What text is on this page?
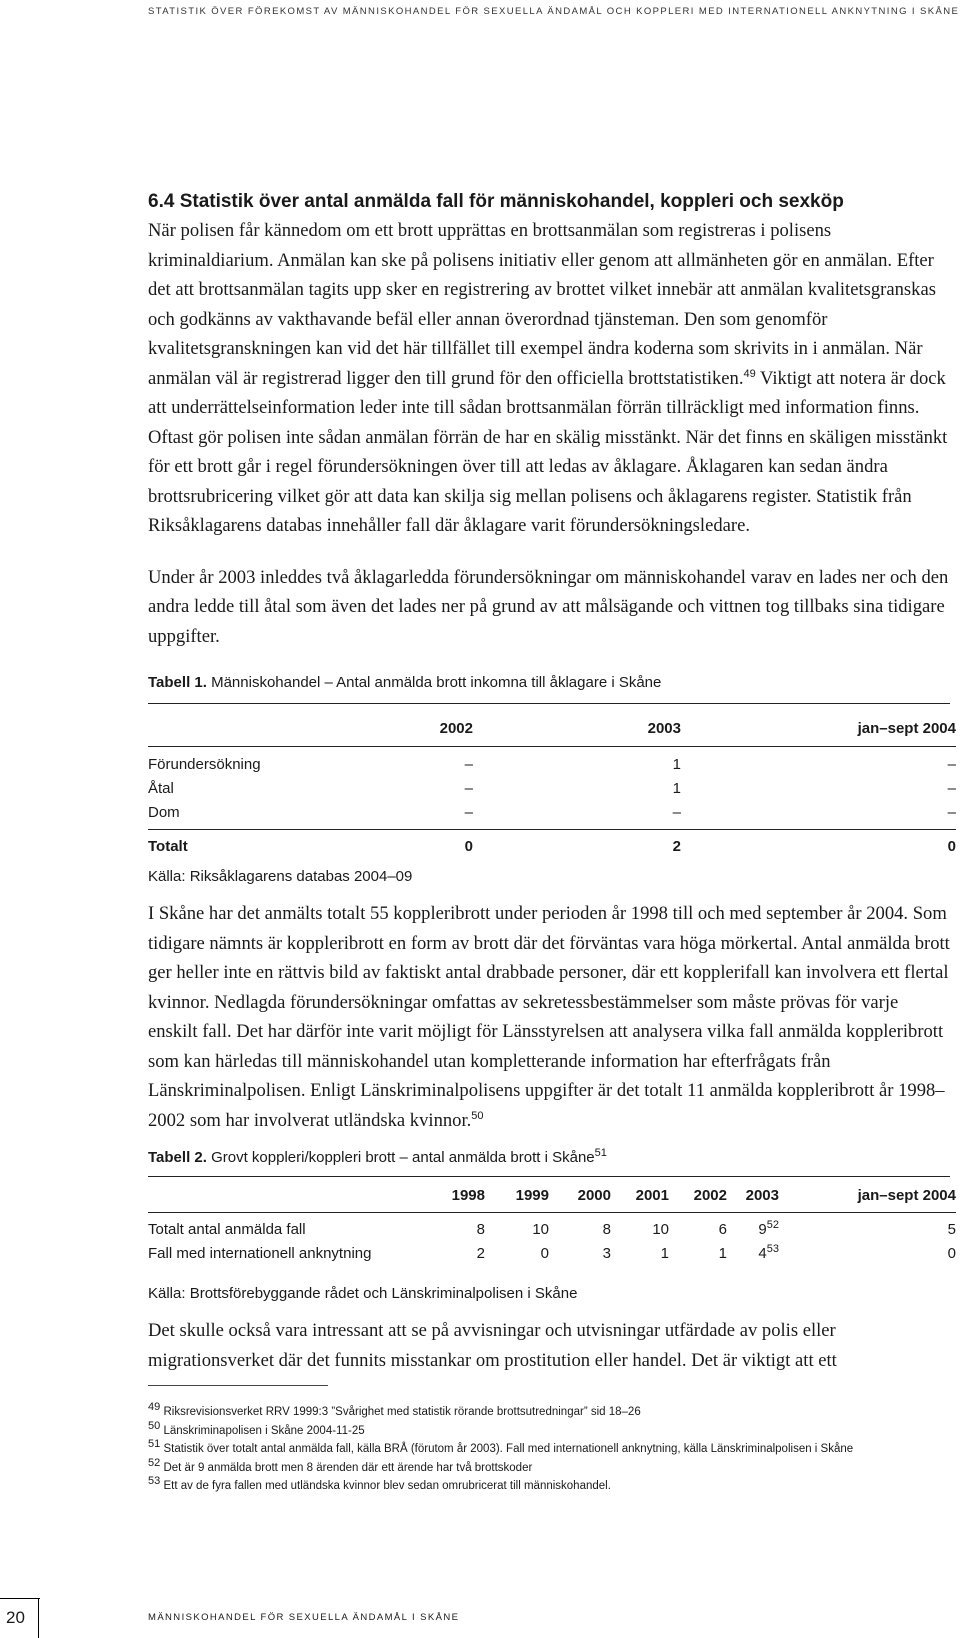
STATISTIK ÖVER FÖREKOMST AV MÄNNISKOHANDEL FÖR SEXUELLA ÄNDAMÅL OCH KOPPLERI MED INTERNATIONELL ANKNYTNING I SKÅNE
6.4 Statistik över antal anmälda fall för människohandel, koppleri och sexköp

När polisen får kännedom om ett brott upprättas en brottsanmälan som registreras i polisens kriminaldiarium. Anmälan kan ske på polisens initiativ eller genom att allmänheten gör en anmälan. Efter det att brottsanmälan tagits upp sker en registrering av brottet vilket innebär att anmälan kvalitetsgranskas och godkänns av vakthavande befäl eller annan överordnad tjänsteman. Den som genomför kvalitetsgranskningen kan vid det här tillfället till exempel ändra koderna som skrivits in i anmälan. När anmälan väl är registrerad ligger den till grund för den officiella brottstatistiken.$^{49}$ Viktigt att notera är dock att underrättelseinformation leder inte till sådan brottsanmälan förrän tillräckligt med information finns. Oftast gör polisen inte sådan anmälan förrän de har en skälig misstänkt. När det finns en skäligen misstänkt för ett brott går i regel förundersökningen över till att ledas av åklagare. Åklagaren kan sedan ändra brottsrubricering vilket gör att data kan skilja sig mellan polisens och åklagarens register. Statistik från Riksåklagarens databas innehåller fall där åklagare varit förundersökningsledare.

Under år 2003 inleddes två åklagarledda förundersökningar om människohandel varav en lades ner och den andra ledde till åtal som även det lades ner på grund av att målsägande och vittnen tog tillbaks sina tidigare uppgifter.

Tabell 1. Människohandel – Antal anmälda brott inkomna till åklagare i Skåne
	2002	2003	jan–sept 2004

Förundersökning	–	1	–
Åtal	–	1	–
Dom	–	–	–

Totalt	0	2	0
Källa: Riksåklagarens databas 2004–09

I Skåne har det anmälts totalt 55 koppleribrott under perioden år 1998 till och med september år 2004. Som tidigare nämnts är koppleribrott en form av brott där det förväntas vara höga mörkertal. Antal anmälda brott ger heller inte en rättvis bild av faktiskt antal drabbade personer, där ett kopplerifall kan involvera ett flertal kvinnor. Nedlagda förundersökningar omfattas av sekretessbestämmelser som måste prövas för varje enskilt fall. Det har därför inte varit möjligt för Länsstyrelsen att analysera vilka fall anmälda koppleribrott som kan härledas till människohandel utan kompletterande information har efterfrågats från Länskriminalpolisen. Enligt Länskriminalpolisens uppgifter är det totalt 11 anmälda koppleribrott år 1998–2002 som har involverat utländska kvinnor.$^{50}$

Tabell 2. Grovt koppleri/koppleri brott – antal anmälda brott i Skåne$^{51}$
	1998	1999	2000	2001	2002	2003	jan–sept 2004

Totalt antal anmälda fall	8	10	8	10	6	$9^{52}$	5
Fall med internationell anknytning	2	0	3	1	1	$4^{53}$	0
Källa: Brottsförebyggande rådet och Länskriminalpolisen i Skåne

Det skulle också vara intressant att se på avvisningar och utvisningar utfärdade av polis eller migrationsverket där det funnits misstankar om prostitution eller handel. Det är viktigt att ett

$^{49}$ Riksrevisionsverket RRV 1999:3 ”Svårighet med statistik rörande brottsutredningar” sid 18–26
$^{50}$ Länskriminapolisen i Skåne 2004-11-25
$^{51}$ Statistik över totalt antal anmälda fall, källa BRÅ (förutom år 2003). Fall med internationell anknytning, källa Länskriminalpolisen i Skåne
$^{52}$ Det är 9 anmälda brott men 8 ärenden där ett ärende har två brottskoder
$^{53}$ Ett av de fyra fallen med utländska kvinnor blev sedan omrubricerat till människohandel.
20	MÄNNISKOHANDEL FÖR SEXUELLA ÄNDAMÅL I SKÅNE
